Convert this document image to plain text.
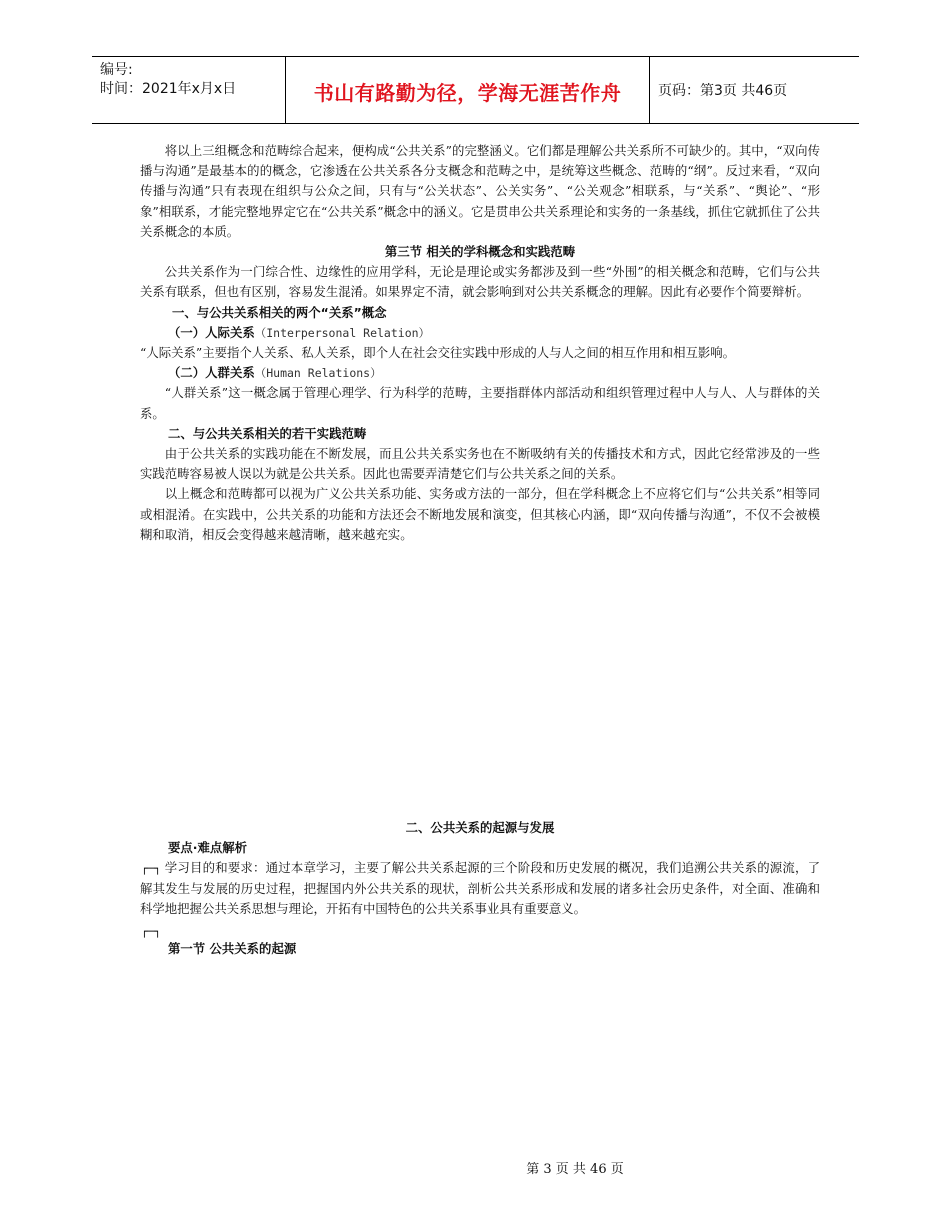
编号:
时间：2021年x月x日	书山有路勤为径，学海无涯苦作舟	页码：第3页 共46页

将以上三组概念和范畴综合起来，便构成“公共关系”的完整涵义。它们都是理解公共关系所不可缺少的。其中，“双向传播与沟通”是最基本的的概念，它渗透在公共关系各分支概念和范畴之中，是统筹这些概念、范畴的“纲”。反过来看，“双向传播与沟通”只有表现在组织与公众之间，只有与“公关状态”、公关实务”、“公关观念”相联系，与“关系”、“舆论”、“形象”相联系，才能完整地界定它在“公共关系”概念中的涵义。它是贯串公共关系理论和实务的一条基线，抓住它就抓住了公共关系概念的本质。

第三节 相关的学科概念和实践范畴

公共关系作为一门综合性、边缘性的应用学科，无论是理论或实务都涉及到一些“外围”的相关概念和范畴，它们与公共关系有联系，但也有区别，容易发生混淆。如果界定不清，就会影响到对公共关系概念的理解。因此有必要作个简要辩析。

一、与公共关系相关的两个“关系”概念

（一）人际关系（Interpersonal Relation）

“人际关系”主要指个人关系、私人关系，即个人在社会交往实践中形成的人与人之间的相互作用和相互影响。

（二）人群关系（Human Relations）

“人群关系”这一概念属于管理心理学、行为科学的范畴，主要指群体内部活动和组织管理过程中人与人、人与群体的关系。

二、与公共关系相关的若干实践范畴

由于公共关系的实践功能在不断发展，而且公共关系实务也在不断吸纳有关的传播技术和方式，因此它经常涉及的一些实践范畴容易被人误以为就是公共关系。因此也需要弄清楚它们与公共关系之间的关系。

以上概念和范畴都可以视为广义公共关系功能、实务或方法的一部分，但在学科概念上不应将它们与“公共关系”相等同或相混淆。在实践中，公共关系的功能和方法还会不断地发展和演变，但其核心内涵，即“双向传播与沟通”，不仅不会被模糊和取消，相反会变得越来越清晰，越来越充实。

二、公共关系的起源与发展

要点·难点解析

学习目的和要求：通过本章学习，主要了解公共关系起源的三个阶段和历史发展的概况，我们追溯公共关系的源流，了解其发生与发展的历史过程，把握国内外公共关系的现状，剖析公共关系形成和发展的诸多社会历史条件，对全面、准确和科学地把握公共关系思想与理论，开拓有中国特色的公共关系事业具有重要意义。

第一节 公共关系的起源

┌─┐
┌─┐
第 3 页 共 46 页
